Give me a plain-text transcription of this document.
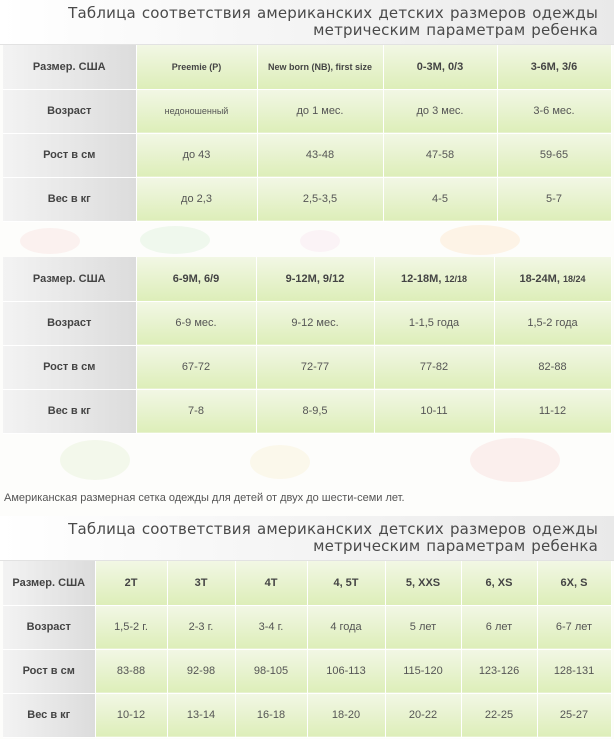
Таблица соответствия американских детских размеров одежды
метрическим параметрам ребенка
Размер. США	Preemie (P)	New born (NB), first size	0-3М, 0/3	3-6М, 3/6
Возраст	недоношенный	до 1 мес.	до 3 мес.	3-6 мес.
Рост в см	до 43	43-48	47-58	59-65
Вес в кг	до 2,3	2,5-3,5	4-5	5-7
Размер. США	6-9М, 6/9	9-12М, 9/12	12-18М, 12/18	18-24М, 18/24
Возраст	6-9 мес.	9-12 мес.	1-1,5 года	1,5-2 года
Рост в см	67-72	72-77	77-82	82-88
Вес в кг	7-8	8-9,5	10-11	11-12
Американская размерная сетка одежды для детей от двух до шести-семи лет.
Таблица соответствия американских детских размеров одежды
метрическим параметрам ребенка
Размер. США	2T	3T	4T	4, 5T	5, XXS	6, XS	6X, S
Возраст	1,5-2 г.	2-3 г.	3-4 г.	4 года	5 лет	6 лет	6-7 лет
Рост в см	83-88	92-98	98-105	106-113	115-120	123-126	128-131
Вес в кг	10-12	13-14	16-18	18-20	20-22	22-25	25-27
